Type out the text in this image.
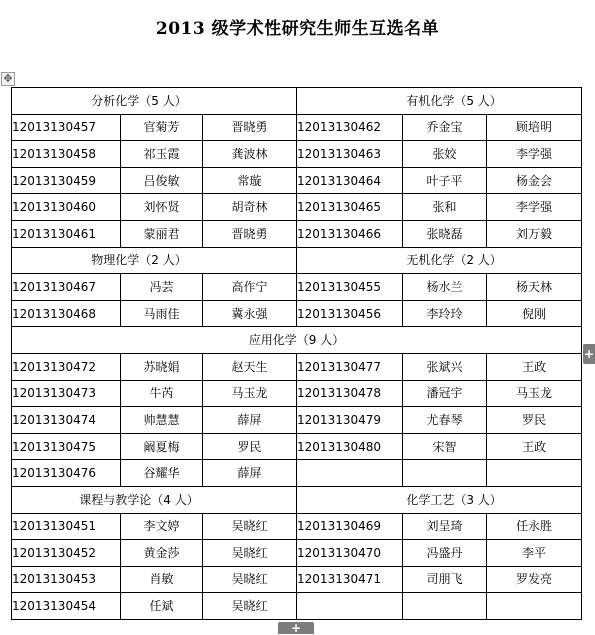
2013 级学术性研究生师生互选名单
✥
分析化学（5 人）			有机化学（5 人）		
12013130457	官菊芳	晋晓勇	12013130462	乔金宝	顾培明
12013130458	祁玉霞	龚波林	12013130463	张姣	李学强
12013130459	吕俊敏	常璇	12013130464	叶子平	杨金会
12013130460	刘怀贤	胡奇林	12013130465	张和	李学强
12013130461	蒙丽君	晋晓勇	12013130466	张晓磊	刘万毅
物理化学（2 人）			无机化学（2 人）		
12013130467	冯芸	高作宁	12013130455	杨水兰	杨天林
12013130468	马雨佳	冀永强	12013130456	李玲玲	倪刚
应用化学（9 人）					
12013130472	苏晓娟	赵天生	12013130477	张斌兴	王政
12013130473	牛芮	马玉龙	12013130478	潘冠宇	马玉龙
12013130474	帅慧慧	薛屏	12013130479	尤春琴	罗民
12013130475	阚夏梅	罗民	12013130480	宋智	王政
12013130476	谷耀华	薛屏			
课程与教学论（4 人）			化学工艺（3 人）		
12013130451	李文婷	吴晓红	12013130469	刘呈琦	任永胜
12013130452	黄金莎	吴晓红	12013130470	冯盛丹	李平
12013130453	肖敏	吴晓红	12013130471	司朋飞	罗发亮
12013130454	任斌	吴晓红			
+
+
